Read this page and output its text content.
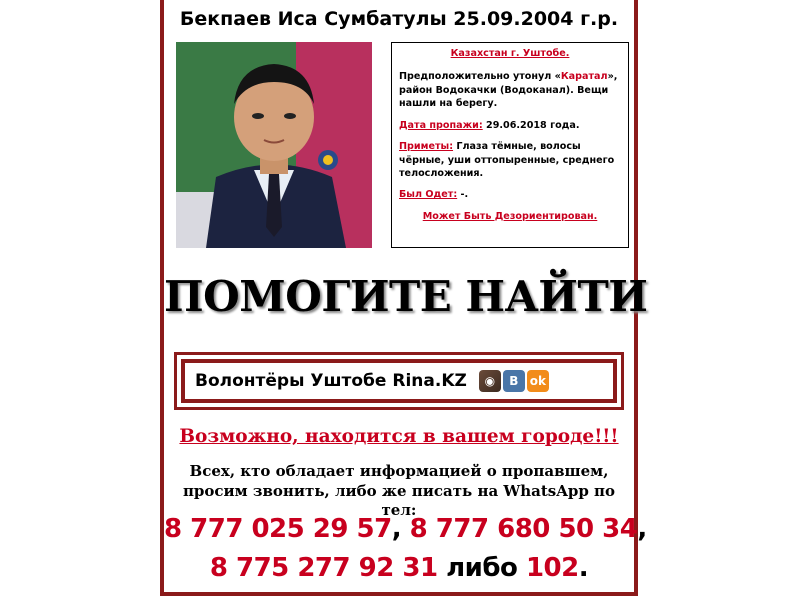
Бекпаев Иса Сумбатулы 25.09.2004 г.р.

Казахстан г. Уштобе.

Предположительно утонул «Каратал», район Водокачки (Водоканал). Вещи нашли на берегу.

Дата пропажи: 29.06.2018 года.

Приметы: Глаза тёмные, волосы чёрные, уши оттопыренные, среднего телосложения.

Был Одет: -.

Может Быть Дезориентирован.

ПОМОГИТЕ НАЙТИ
Волонтёры Уштобе Rina.KZ	◉	В ok
Возможно, находится в вашем городе!!!
Всех, кто обладает информацией о пропавшем,
просим звонить, либо же писать на WhatsApp по тел:
8 777 025 29 57, 8 777 680 50 34,
8 775 277 92 31 либо 102.
